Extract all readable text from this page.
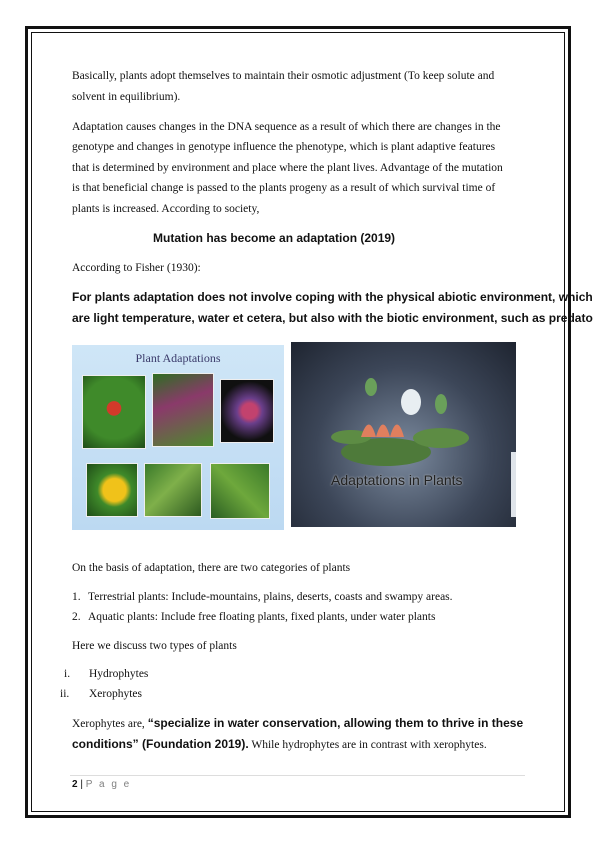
Basically, plants adopt themselves to maintain their osmotic adjustment (To keep solute and
solvent in equilibrium).
Adaptation causes changes in the DNA sequence as a result of which there are changes in the
genotype and changes in genotype influence the phenotype, which is plant adaptive features
that is determined by environment and place where the plant lives. Advantage of the mutation
is that beneficial change is passed to the plants progeny as a result of which survival time of
plants is increased. According to society,
Mutation has become an adaptation (2019)
According to Fisher (1930):
For plants adaptation does not involve coping with the physical abiotic environment, which
are light temperature, water et cetera, but also with the biotic environment, such as predato
Plant Adaptations
Adaptations in Plants
On the basis of adaptation, there are two categories of plants
1. Terrestrial plants: Include-mountains, plains, deserts, coasts and swampy areas.
2. Aquatic plants: Include free floating plants, fixed plants, under water plants
Here we discuss two types of plants
i. Hydrophytes
ii. Xerophytes
Xerophytes are, “specialize in water conservation, allowing them to thrive in these
conditions” (Foundation 2019). While hydrophytes are in contrast with xerophytes.
2 | P a g e
